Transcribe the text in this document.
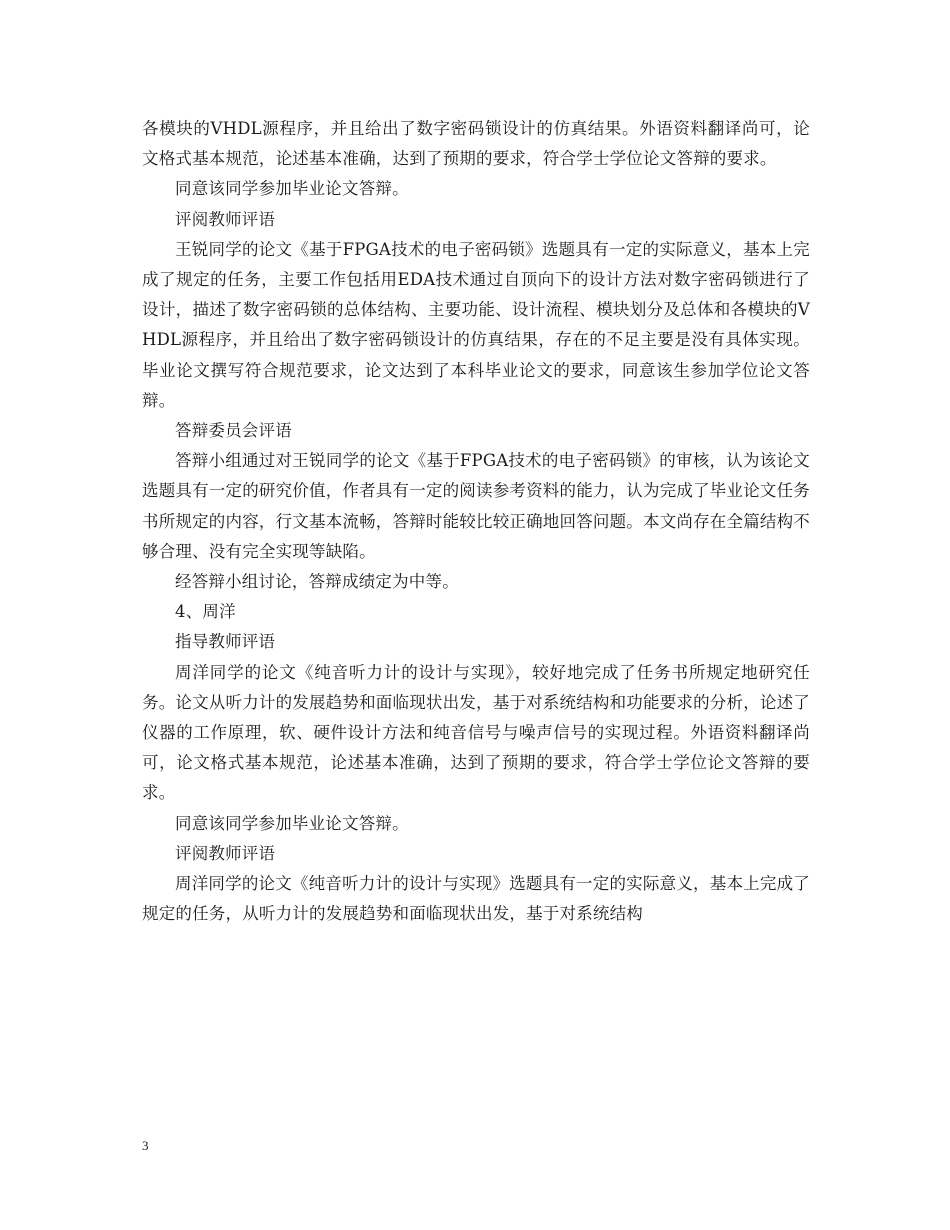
各模块的VHDL源程序，并且给出了数字密码锁设计的仿真结果。外语资料翻译尚可，论文格式基本规范，论述基本准确，达到了预期的要求，符合学士学位论文答辩的要求。

同意该同学参加毕业论文答辩。

评阅教师评语

王锐同学的论文《基于FPGA技术的电子密码锁》选题具有一定的实际意义，基本上完成了规定的任务，主要工作包括用EDA技术通过自顶向下的设计方法对数字密码锁进行了设计，描述了数字密码锁的总体结构、主要功能、设计流程、模块划分及总体和各模块的VHDL源程序，并且给出了数字密码锁设计的仿真结果，存在的不足主要是没有具体实现。毕业论文撰写符合规范要求，论文达到了本科毕业论文的要求，同意该生参加学位论文答辩。

答辩委员会评语

答辩小组通过对王锐同学的论文《基于FPGA技术的电子密码锁》的审核，认为该论文选题具有一定的研究价值，作者具有一定的阅读参考资料的能力，认为完成了毕业论文任务书所规定的内容，行文基本流畅，答辩时能较比较正确地回答问题。本文尚存在全篇结构不够合理、没有完全实现等缺陷。

经答辩小组讨论，答辩成绩定为中等。

4、周洋

指导教师评语

周洋同学的论文《纯音听力计的设计与实现》，较好地完成了任务书所规定地研究任务。论文从听力计的发展趋势和面临现状出发，基于对系统结构和功能要求的分析，论述了仪器的工作原理，软、硬件设计方法和纯音信号与噪声信号的实现过程。外语资料翻译尚可，论文格式基本规范，论述基本准确，达到了预期的要求，符合学士学位论文答辩的要求。

同意该同学参加毕业论文答辩。

评阅教师评语

周洋同学的论文《纯音听力计的设计与实现》选题具有一定的实际意义，基本上完成了规定的任务，从听力计的发展趋势和面临现状出发，基于对系统结构

3
